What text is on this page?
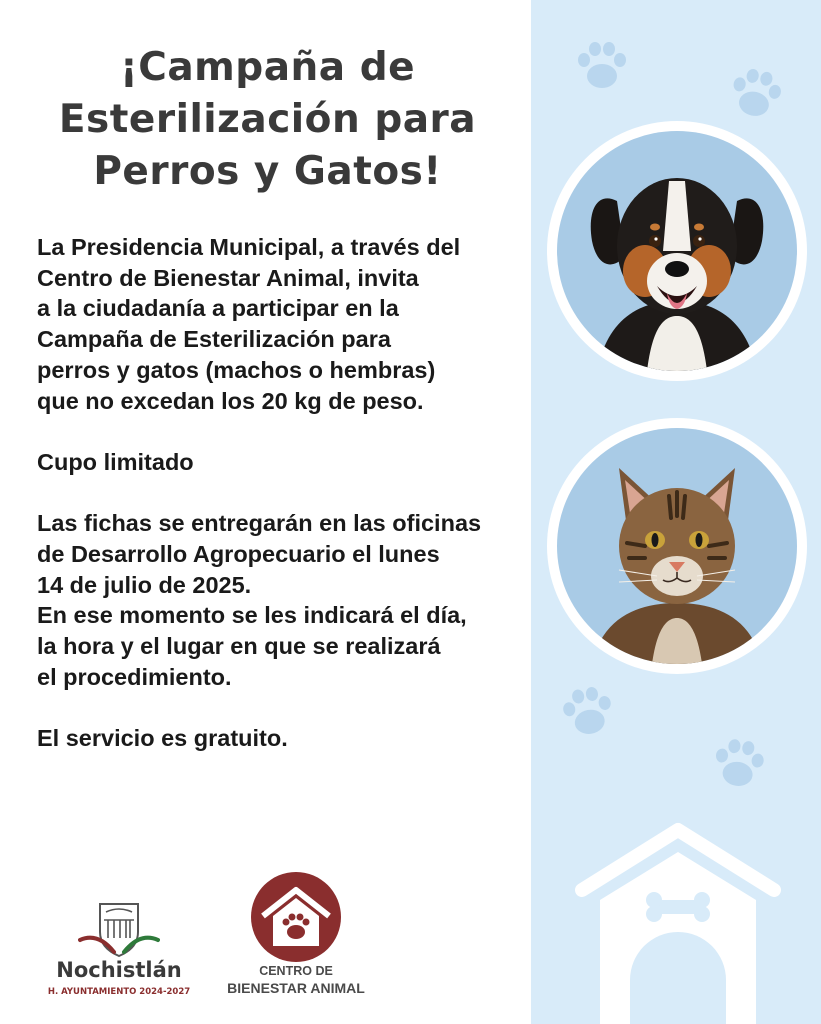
¡Campaña de
Esterilización para
Perros y Gatos!
La Presidencia Municipal, a través del
Centro de Bienestar Animal, invita
a la ciudadanía a participar en la
Campaña de Esterilización para
perros y gatos (machos o hembras)
que no excedan los 20 kg de peso.
Cupo limitado
Las fichas se entregarán en las oficinas
de Desarrollo Agropecuario el lunes
14 de julio de 2025.
En ese momento se les indicará el día,
la hora y el lugar en que se realizará
el procedimiento.
El servicio es gratuito.
Nochistlán
H. AYUNTAMIENTO 2024-2027
CENTRO DE
BIENESTAR ANIMAL
